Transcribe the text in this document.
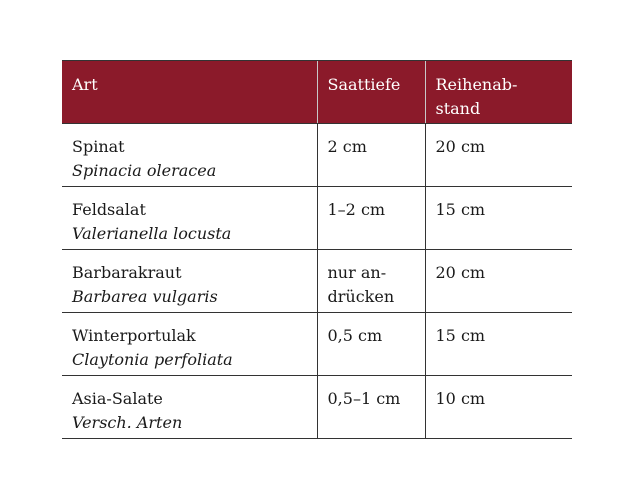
Art	Saattiefe	Reihenab-
stand

Spinat
Spinacia oleracea	2 cm	20 cm

Feldsalat
Valerianella locusta	1–2 cm	15 cm

Barbarakraut
Barbarea vulgaris	nur an-
drücken	20 cm

Winterportulak
Claytonia perfoliata	0,5 cm	15 cm

Asia-Salate
Versch. Arten	0,5–1 cm	10 cm
